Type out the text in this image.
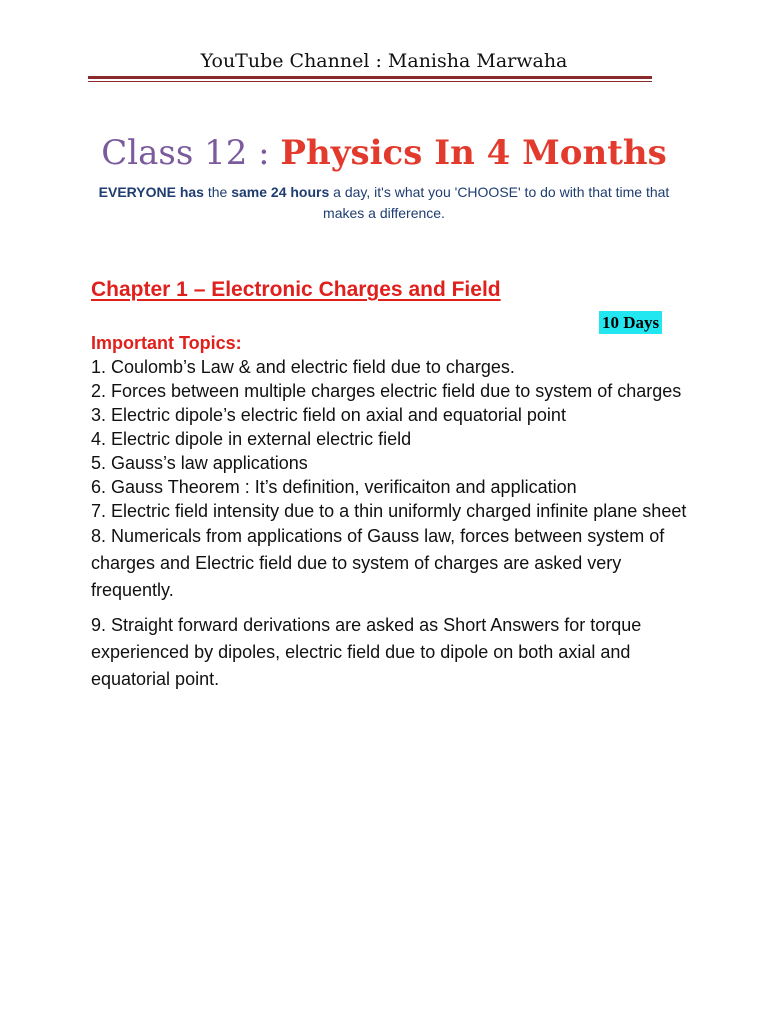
YouTube Channel : Manisha Marwaha
Class 12 : Physics In 4 Months
EVERYONE has the same 24 hours a day, it's what you 'CHOOSE' to do with that time that makes a difference.
Chapter 1 – Electronic Charges and Field
10 Days
Important Topics:

1. Coulomb’s Law & and electric field due to charges.

2. Forces between multiple charges electric field due to system of charges

3. Electric dipole’s electric field on axial and equatorial point

4. Electric dipole in external electric field

5. Gauss’s law applications

6. Gauss Theorem : It’s definition, verificaiton and application

7. Electric field intensity due to a thin uniformly charged infinite plane sheet

8. Numericals from applications of Gauss law, forces between system of charges and Electric field due to system of charges are asked very frequently.

9. Straight forward derivations are asked as Short Answers for torque experienced by dipoles, electric field due to dipole on both axial and equatorial point.
